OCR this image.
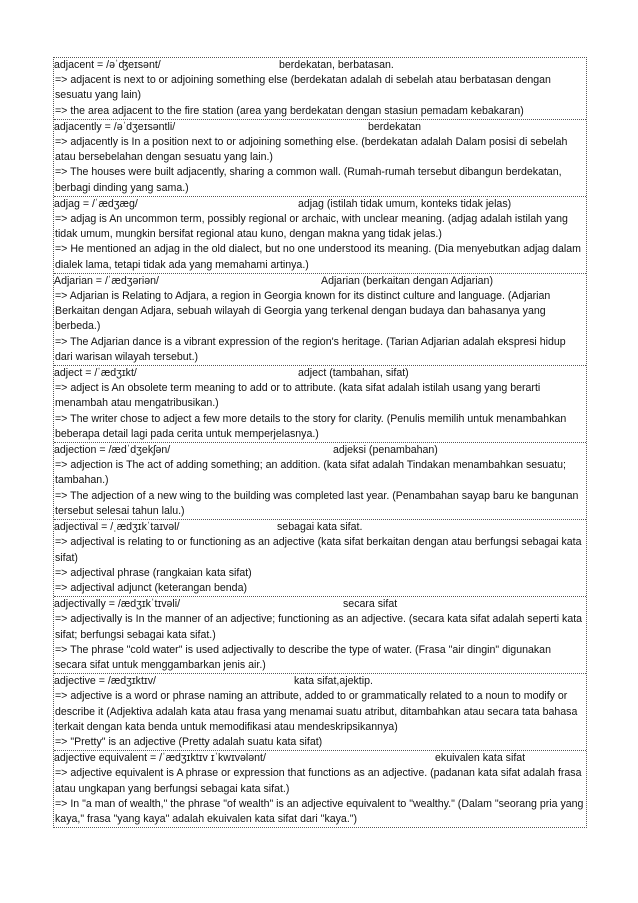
adjacent = /əˈʤeɪsənt/	berdekatan, berbatasan.
=> adjacent is next to or adjoining something else (berdekatan adalah di sebelah atau berbatasan dengan sesuatu yang lain)
=> the area adjacent to the fire station (area yang berdekatan dengan stasiun pemadam kebakaran)
adjacently = /əˈdʒeɪsəntli/	berdekatan
=> adjacently is In a position next to or adjoining something else. (berdekatan adalah Dalam posisi di sebelah atau bersebelahan dengan sesuatu yang lain.)
=> The houses were built adjacently, sharing a common wall. (Rumah-rumah tersebut dibangun berdekatan, berbagi dinding yang sama.)
adjag = /ˈædʒæg/	adjag (istilah tidak umum, konteks tidak jelas)
=> adjag is An uncommon term, possibly regional or archaic, with unclear meaning. (adjag adalah istilah yang tidak umum, mungkin bersifat regional atau kuno, dengan makna yang tidak jelas.)
=> He mentioned an adjag in the old dialect, but no one understood its meaning. (Dia menyebutkan adjag dalam dialek lama, tetapi tidak ada yang memahami artinya.)
Adjarian = /ˈædʒəriən/	Adjarian (berkaitan dengan Adjarian)
=> Adjarian is Relating to Adjara, a region in Georgia known for its distinct culture and language. (Adjarian Berkaitan dengan Adjara, sebuah wilayah di Georgia yang terkenal dengan budaya dan bahasanya yang berbeda.)
=> The Adjarian dance is a vibrant expression of the region's heritage. (Tarian Adjarian adalah ekspresi hidup dari warisan wilayah tersebut.)
adject = /ˈædʒɪkt/	adject (tambahan, sifat)
=> adject is An obsolete term meaning to add or to attribute. (kata sifat adalah istilah usang yang berarti menambah atau mengatribusikan.)
=> The writer chose to adject a few more details to the story for clarity. (Penulis memilih untuk menambahkan beberapa detail lagi pada cerita untuk memperjelasnya.)
adjection = /ædˈdʒekʃən/	adjeksi (penambahan)
=> adjection is The act of adding something; an addition. (kata sifat adalah Tindakan menambahkan sesuatu; tambahan.)
=> The adjection of a new wing to the building was completed last year. (Penambahan sayap baru ke bangunan tersebut selesai tahun lalu.)
adjectival = /ˌædʒɪkˈtaɪvəl/	sebagai kata sifat.
=> adjectival is relating to or functioning as an adjective (kata sifat berkaitan dengan atau berfungsi sebagai kata sifat)
=> adjectival phrase (rangkaian kata sifat)
=> adjectival adjunct (keterangan benda)
adjectivally = /ædʒɪkˈtɪvəli/	secara sifat
=> adjectivally is In the manner of an adjective; functioning as an adjective. (secara kata sifat adalah seperti kata sifat; berfungsi sebagai kata sifat.)
=> The phrase "cold water" is used adjectivally to describe the type of water. (Frasa "air dingin" digunakan secara sifat untuk menggambarkan jenis air.)
adjective = /ædʒɪktɪv/	kata sifat,ajektip.
=> adjective is a word or phrase naming an attribute, added to or grammatically related to a noun to modify or describe it (Adjektiva adalah kata atau frasa yang menamai suatu atribut, ditambahkan atau secara tata bahasa terkait dengan kata benda untuk memodifikasi atau mendeskripsikannya)
=> "Pretty" is an adjective (Pretty adalah suatu kata sifat)
adjective equivalent = /ˈædʒɪktɪv ɪˈkwɪvələnt/	ekuivalen kata sifat
=> adjective equivalent is A phrase or expression that functions as an adjective. (padanan kata sifat adalah frasa atau ungkapan yang berfungsi sebagai kata sifat.)
=> In "a man of wealth," the phrase "of wealth" is an adjective equivalent to "wealthy." (Dalam "seorang pria yang kaya," frasa "yang kaya" adalah ekuivalen kata sifat dari "kaya.")
